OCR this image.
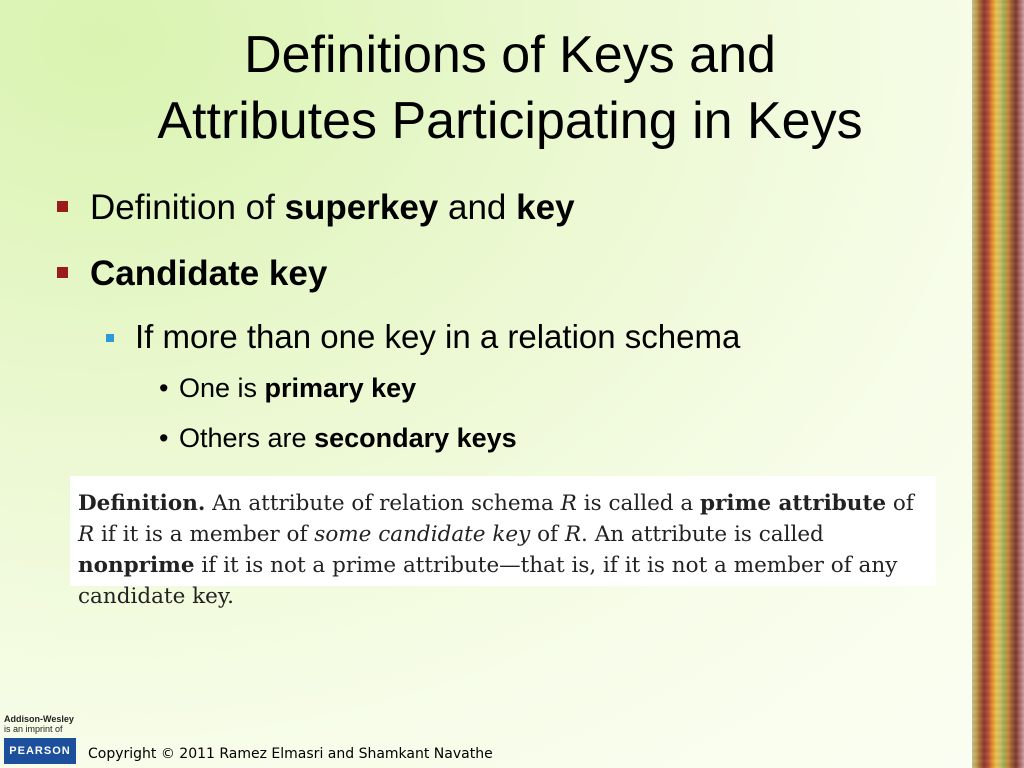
Definitions of Keys and
Attributes Participating in Keys
Definition of superkey and key
Candidate key
If more than one key in a relation schema
• One is primary key
• Others are secondary keys
Definition. An attribute of relation schema R is called a prime attribute of R if it is a member of some candidate key of R. An attribute is called nonprime if it is not a prime attribute—that is, if it is not a member of any candidate key.
Addison-Wesley
is an imprint of
PEARSON	Copyright © 2011 Ramez Elmasri and Shamkant Navathe
